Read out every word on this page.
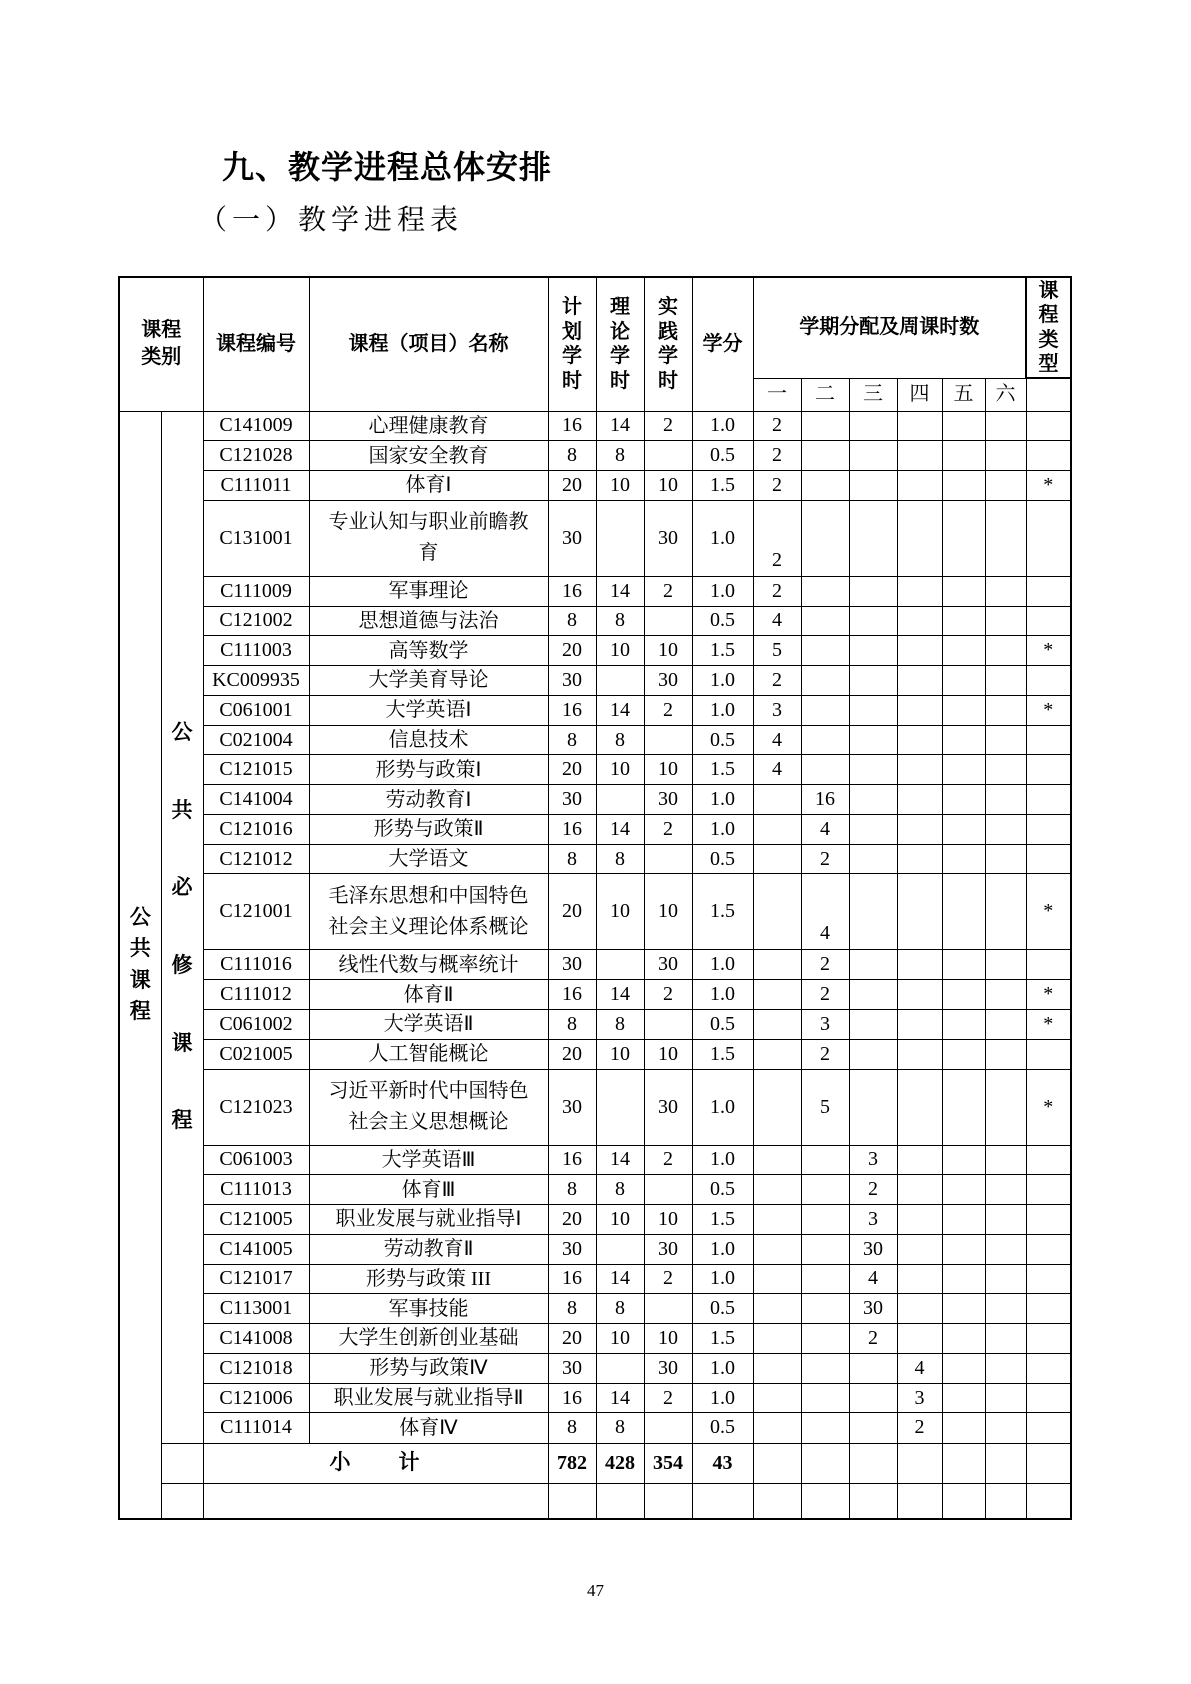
九、教学进程总体安排
（一）教学进程表
课程类别		课程编号	课程（项目）名称	计划学时	理论学时	实践学时	学分	学期分配及周课时数						课程类型
								一	二	三	四	五	六	
公共课程	公共必修课程	C141009	心理健康教育	16	14	2	1.0	2						
		C121028	国家安全教育	8	8		0.5	2						
		C111011	体育Ⅰ	20	10	10	1.5	2						*
		C131001	专业认知与职业前瞻教育	30		30	1.0	2						
		C111009	军事理论	16	14	2	1.0	2						
		C121002	思想道德与法治	8	8		0.5	4						
		C111003	高等数学	20	10	10	1.5	5						*
		KC009935	大学美育导论	30		30	1.0	2						
		C061001	大学英语Ⅰ	16	14	2	1.0	3						*
		C021004	信息技术	8	8		0.5	4						
		C121015	形势与政策Ⅰ	20	10	10	1.5	4						
		C141004	劳动教育Ⅰ	30		30	1.0		16					
		C121016	形势与政策Ⅱ	16	14	2	1.0		4					
		C121012	大学语文	8	8		0.5		2					
		C121001	毛泽东思想和中国特色社会主义理论体系概论	20	10	10	1.5		4					*
		C111016	线性代数与概率统计	30		30	1.0		2					
		C111012	体育Ⅱ	16	14	2	1.0		2					*
		C061002	大学英语Ⅱ	8	8		0.5		3					*
		C021005	人工智能概论	20	10	10	1.5		2					
		C121023	习近平新时代中国特色社会主义思想概论	30		30	1.0		5					*
		C061003	大学英语Ⅲ	16	14	2	1.0			3				
		C111013	体育Ⅲ	8	8		0.5			2				
		C121005	职业发展与就业指导Ⅰ	20	10	10	1.5			3				
		C141005	劳动教育Ⅱ	30		30	1.0			30				
		C121017	形势与政策 III	16	14	2	1.0			4				
		C113001	军事技能	8	8		0.5			30				
		C141008	大学生创新创业基础	20	10	10	1.5			2				
		C121018	形势与政策Ⅳ	30		30	1.0				4			
		C121006	职业发展与就业指导Ⅱ	16	14	2	1.0				3			
		C111014	体育Ⅳ	8	8		0.5				2			
		小　　计		782	428	354	43							

47
